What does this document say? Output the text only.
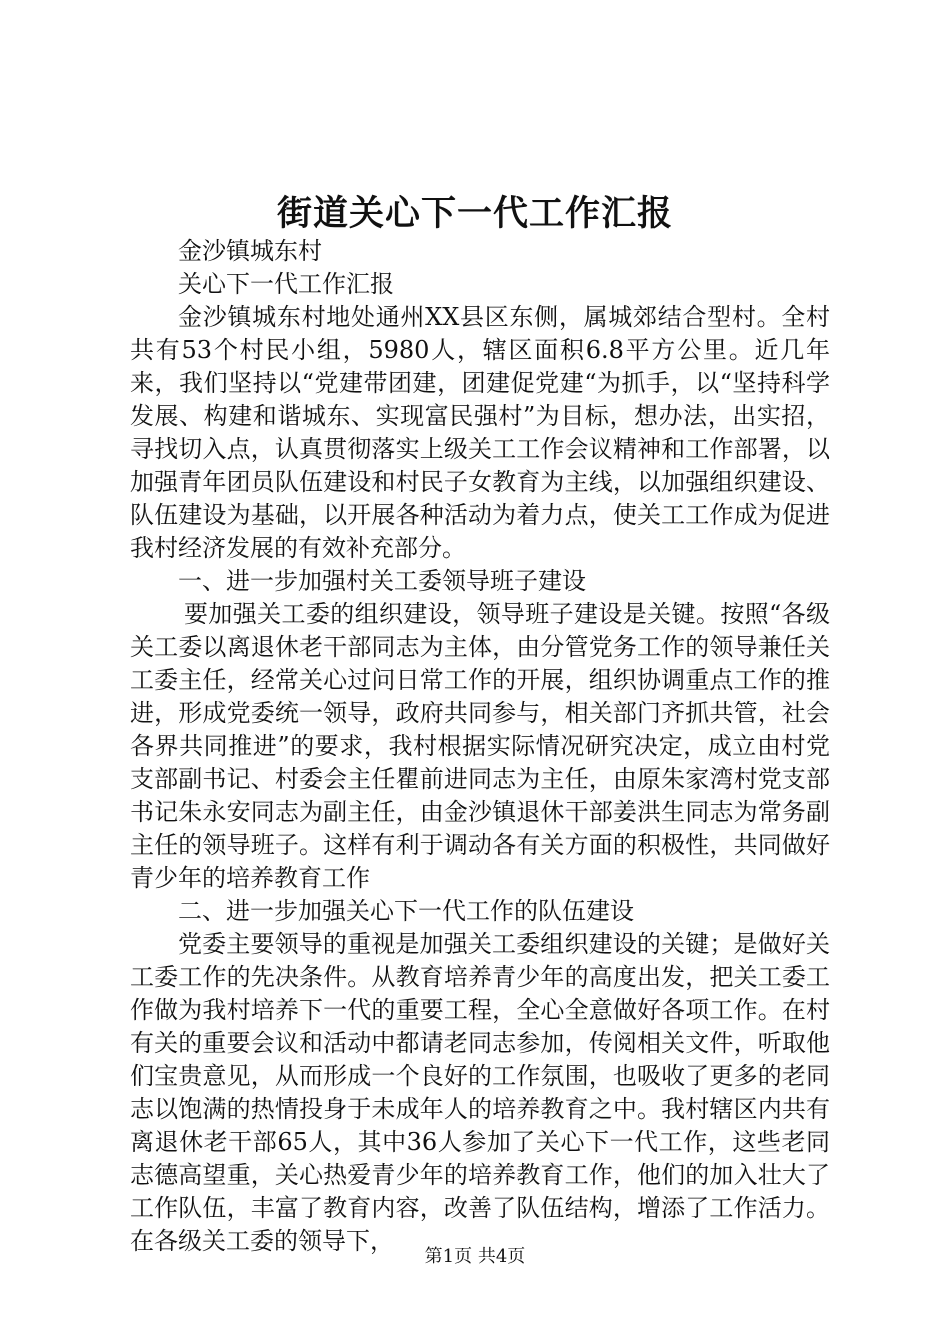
街道关心下一代工作汇报

金沙镇城东村

关心下一代工作汇报

金沙镇城东村地处通州XX县区东侧，属城郊结合型村。全村共有53个村民小组，5980人，辖区面积6.8平方公里。近几年来，我们坚持以“党建带团建，团建促党建“为抓手，以“坚持科学发展、构建和谐城东、实现富民强村”为目标，想办法，出实招，寻找切入点，认真贯彻落实上级关工工作会议精神和工作部署，以加强青年团员队伍建设和村民子女教育为主线，以加强组织建设、队伍建设为基础，以开展各种活动为着力点，使关工工作成为促进我村经济发展的有效补充部分。

一、进一步加强村关工委领导班子建设

要加强关工委的组织建设，领导班子建设是关键。按照“各级关工委以离退休老干部同志为主体，由分管党务工作的领导兼任关工委主任，经常关心过问日常工作的开展，组织协调重点工作的推进，形成党委统一领导，政府共同参与，相关部门齐抓共管，社会各界共同推进”的要求，我村根据实际情况研究决定，成立由村党支部副书记、村委会主任瞿前进同志为主任，由原朱家湾村党支部书记朱永安同志为副主任，由金沙镇退休干部姜洪生同志为常务副主任的领导班子。这样有利于调动各有关方面的积极性，共同做好青少年的培养教育工作

二、进一步加强关心下一代工作的队伍建设

党委主要领导的重视是加强关工委组织建设的关键；是做好关工委工作的先决条件。从教育培养青少年的高度出发，把关工委工作做为我村培养下一代的重要工程，全心全意做好各项工作。在村有关的重要会议和活动中都请老同志参加，传阅相关文件，听取他们宝贵意见，从而形成一个良好的工作氛围，也吸收了更多的老同志以饱满的热情投身于未成年人的培养教育之中。我村辖区内共有离退休老干部65人，其中36人参加了关心下一代工作，这些老同志德高望重，关心热爱青少年的培养教育工作，他们的加入壮大了工作队伍，丰富了教育内容，改善了队伍结构，增添了工作活力。在各级关工委的领导下，

第1页 共4页
